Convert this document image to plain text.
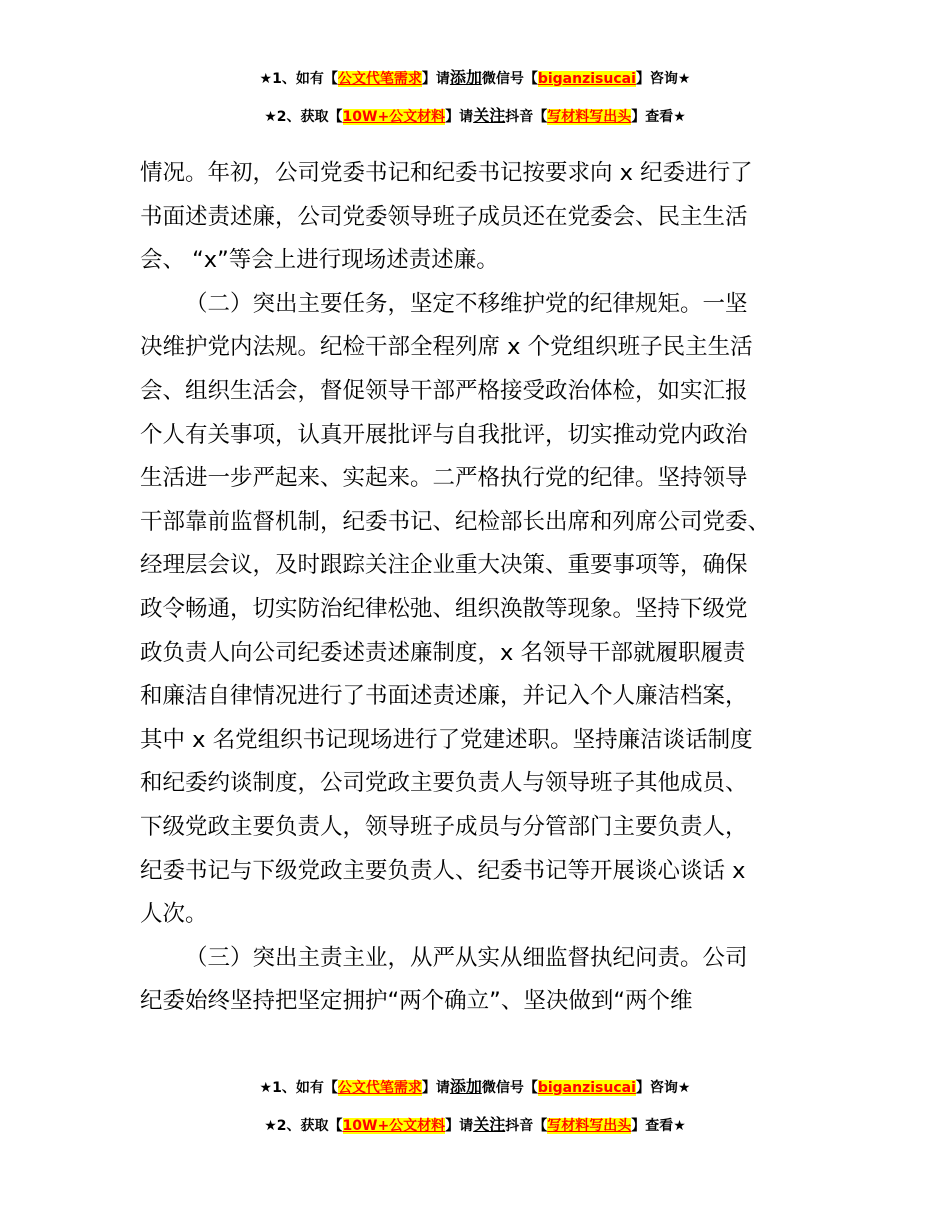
★1、如有【公文代笔需求】请添加微信号【biganzisucai】咨询★
★2、获取【10W+公文材料】请关注抖音【写材料写出头】查看★

情况。年初，公司党委书记和纪委书记按要求向 x 纪委进行了

书面述责述廉，公司党委领导班子成员还在党委会、民主生活

会、 “x”等会上进行现场述责述廉。

（二）突出主要任务，坚定不移维护党的纪律规矩。一坚

决维护党内法规。纪检干部全程列席 x 个党组织班子民主生活

会、组织生活会，督促领导干部严格接受政治体检，如实汇报

个人有关事项，认真开展批评与自我批评，切实推动党内政治

生活进一步严起来、实起来。二严格执行党的纪律。坚持领导

干部靠前监督机制，纪委书记、纪检部长出席和列席公司党委、

经理层会议，及时跟踪关注企业重大决策、重要事项等，确保

政令畅通，切实防治纪律松弛、组织涣散等现象。坚持下级党

政负责人向公司纪委述责述廉制度，x 名领导干部就履职履责

和廉洁自律情况进行了书面述责述廉，并记入个人廉洁档案，

其中 x 名党组织书记现场进行了党建述职。坚持廉洁谈话制度

和纪委约谈制度，公司党政主要负责人与领导班子其他成员、

下级党政主要负责人，领导班子成员与分管部门主要负责人，

纪委书记与下级党政主要负责人、纪委书记等开展谈心谈话 x

人次。

（三）突出主责主业，从严从实从细监督执纪问责。公司

纪委始终坚持把坚定拥护“两个确立”、坚决做到“两个维

★1、如有【公文代笔需求】请添加微信号【biganzisucai】咨询★
★2、获取【10W+公文材料】请关注抖音【写材料写出头】查看★
